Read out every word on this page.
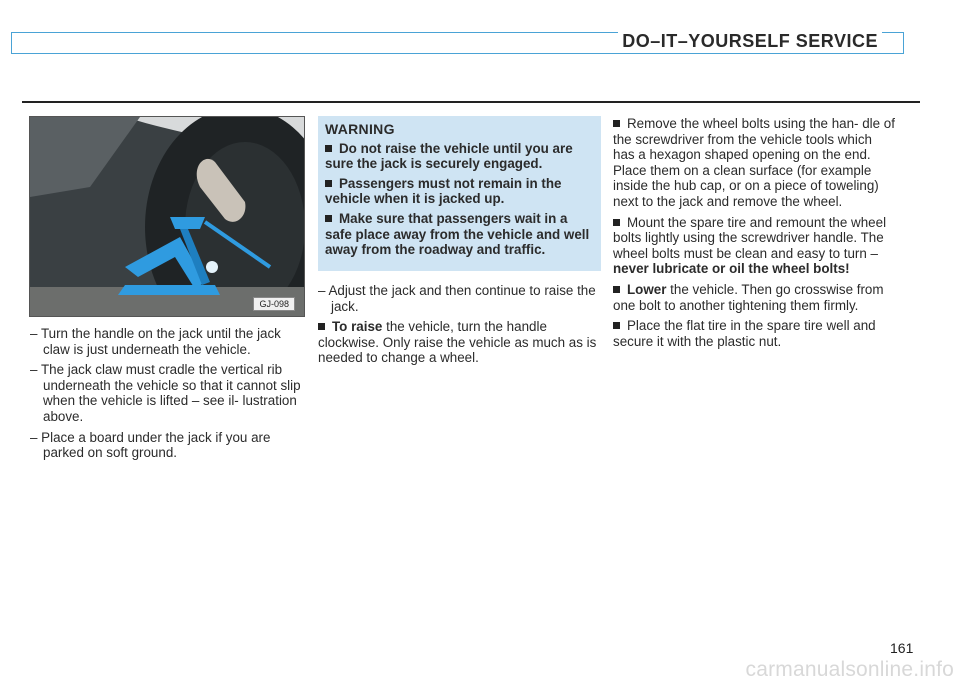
DO–IT–YOURSELF SERVICE
GJ-098

– Turn the handle on the jack until the jack claw is just underneath the vehicle.

– The jack claw must cradle the vertical rib underneath the vehicle so that it cannot slip when the vehicle is lifted – see il- lustration above.

– Place a board under the jack if you are parked on soft ground.

WARNING

Do not raise the vehicle until you are sure the jack is securely engaged.

Passengers must not remain in the vehicle when it is jacked up.

Make sure that passengers wait in a safe place away from the vehicle and well away from the roadway and traffic.

– Adjust the jack and then continue to raise the jack.

To raise the vehicle, turn the handle clockwise. Only raise the vehicle as much as is needed to change a wheel.

Remove the wheel bolts using the han- dle of the screwdriver from the vehicle tools which has a hexagon shaped opening on the end. Place them on a clean surface (for example inside the hub cap, or on a piece of toweling) next to the jack and remove the wheel.

Mount the spare tire and remount the wheel bolts lightly using the screwdriver handle. The wheel bolts must be clean and easy to turn – never lubricate or oil the wheel bolts!

Lower the vehicle. Then go crosswise from one bolt to another tightening them firmly.

Place the flat tire in the spare tire well and secure it with the plastic nut.

161
carmanualsonline.info
